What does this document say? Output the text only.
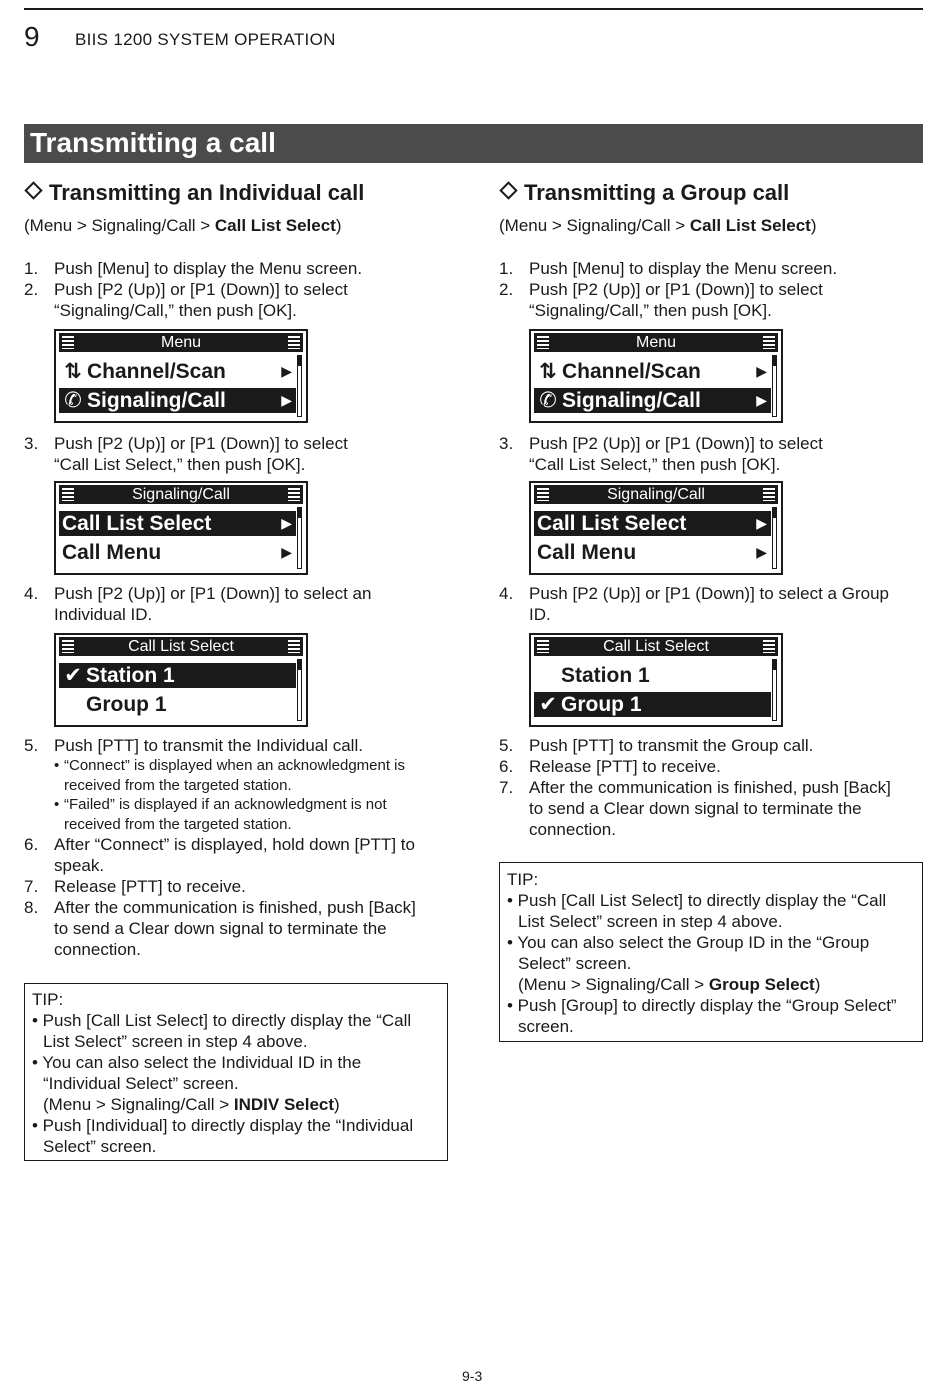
9 BIIS 1200 SYSTEM OPERATION
Transmitting a call
Transmitting an Individual call
(Menu > Signaling/Call > Call List Select)
1. Push [Menu] to display the Menu screen.
2. Push [P2 (Up)] or [P1 (Down)] to select
“Signaling/Call,” then push [OK].
Menu
⇅ Channel/Scan	▶
✆ Signaling/Call	▶
3. Push [P2 (Up)] or [P1 (Down)] to select
“Call List Select,” then push [OK].
Signaling/Call
Call List Select	▶
Call Menu	▶
4. Push [P2 (Up)] or [P1 (Down)] to select an
Individual ID.
Call List Select
✔ Station 1
Group 1
5. Push [PTT] to transmit the Individual call.
• “Connect” is displayed when an acknowledgment is
received from the targeted station.
• “Failed” is displayed if an acknowledgment is not
received from the targeted station.
6. After “Connect” is displayed, hold down [PTT] to
speak.
7. Release [PTT] to receive.
8. After the communication is finished, push [Back]
to send a Clear down signal to terminate the
connection.
TIP:
• Push [Call List Select] to directly display the “Call
List Select” screen in step 4 above.
• You can also select the Individual ID in the
“Individual Select” screen.
(Menu > Signaling/Call > INDIV Select)
• Push [Individual] to directly display the “Individual
Select” screen.
Transmitting a Group call
(Menu > Signaling/Call > Call List Select)
1. Push [Menu] to display the Menu screen.
2. Push [P2 (Up)] or [P1 (Down)] to select
“Signaling/Call,” then push [OK].
Menu
⇅ Channel/Scan	▶
✆ Signaling/Call	▶
3. Push [P2 (Up)] or [P1 (Down)] to select
“Call List Select,” then push [OK].
Signaling/Call
Call List Select	▶
Call Menu	▶
4. Push [P2 (Up)] or [P1 (Down)] to select a Group
ID.
Call List Select
Station 1
✔ Group 1
5. Push [PTT] to transmit the Group call.
6. Release [PTT] to receive.
7. After the communication is finished, push [Back]
to send a Clear down signal to terminate the
connection.
TIP:
• Push [Call List Select] to directly display the “Call
List Select” screen in step 4 above.
• You can also select the Group ID in the “Group
Select” screen.
(Menu > Signaling/Call > Group Select)
• Push [Group] to directly display the “Group Select”
screen.
9-3
